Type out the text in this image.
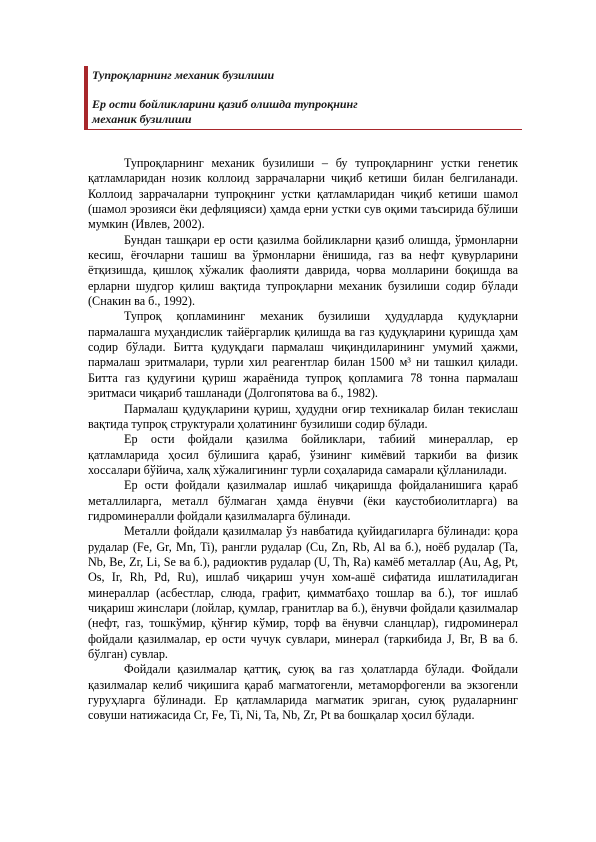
Тупроқларнинг механик бузилиши
Ер ости бойликларини қазиб олишда тупроқнинг
механик бузилиши

Тупроқларнинг механик бузилиши – бу тупроқларнинг устки генетик қатламларидан нозик коллоид заррачаларни чиқиб кетиши билан белгиланади. Коллоид заррачаларни тупроқнинг устки қатламларидан чиқиб кетиши шамол (шамол эрозияси ёки дефляцияси) ҳамда ерни устки сув оқими таъсирида бўлиши мумкин (Ивлев, 2002).

Бундан ташқари ер ости қазилма бойликларни қазиб олишда, ўрмонларни кесиш, ёғочларни ташиш ва ўрмонларни ёнишида, газ ва нефт қувурларини ётқизишда, қишлоқ хўжалик фаолияти даврида, чорва молларини боқишда ва ерларни шудгор қилиш вақтида тупроқларни механик бузилиши содир бўлади (Снакин ва б., 1992).

Тупроқ қопламининг механик бузилиши ҳудудларда қудуқларни пармалашга муҳандислик тайёргарлик қилишда ва газ қудуқларини қуришда ҳам содир бўлади. Битта қудуқдаги пармалаш чиқиндиларининг умумий ҳажми, пармалаш эритмалари, турли хил реагентлар билан 1500 м³ ни ташкил қилади. Битта газ қудуғини қуриш жараёнида тупроқ қопламига 78 тонна пармалаш эритмаси чиқариб ташланади (Долгопятова ва б., 1982).

Пармалаш қудуқларини қуриш, ҳудудни оғир техникалар билан текислаш вақтида тупроқ структурали ҳолатининг бузилиши содир бўлади.

Ер ости фойдали қазилма бойликлари, табиий минераллар, ер қатламларида ҳосил бўлишига қараб, ўзининг кимёвий таркиби ва физик хоссалари бўйича, халқ хўжалигининг турли соҳаларида самарали қўлланилади.

Ер ости фойдали қазилмалар ишлаб чиқаришда фойдаланишига қараб металлиларга, металл бўлмаган ҳамда ёнувчи (ёки каустобиолитларга) ва гидроминералли фойдали қазилмаларга бўлинади.

Металли фойдали қазилмалар ўз навбатида қуйидагиларга бўлинади: қора рудалар (Fe, Gr, Mn, Ti), рангли рудалар (Cu, Zn, Rb, Al ва б.), ноёб рудалар (Ta, Nb, Be, Zr, Li, Se ва б.), радиоктив рудалар (U, Th, Ra) камёб металлар (Au, Ag, Pt, Os, Ir, Rh, Pd, Ru), ишлаб чиқариш учун хом-ашё сифатида ишлатиладиган минераллар (асбестлар, слюда, графит, қимматбаҳо тошлар ва б.), тоғ ишлаб чиқариш жинслари (лойлар, қумлар, гранитлар ва б.), ёнувчи фойдали қазилмалар (нефт, газ, тошкўмир, қўнғир кўмир, торф ва ёнувчи сланцлар), гидроминерал фойдали қазилмалар, ер ости чучук сувлари, минерал (таркибида J, Br, B ва б. бўлган) сувлар.

Фойдали қазилмалар қаттиқ, суюқ ва газ ҳолатларда бўлади. Фойдали қазилмалар келиб чиқишига қараб магматогенли, метаморфогенли ва экзогенли гуруҳларга бўлинади. Ер қатламларида магматик эриган, суюқ рудаларнинг совуши натижасида Cr, Fe, Ti, Ni, Ta, Nb, Zr, Pt ва бошқалар ҳосил бўлади.
